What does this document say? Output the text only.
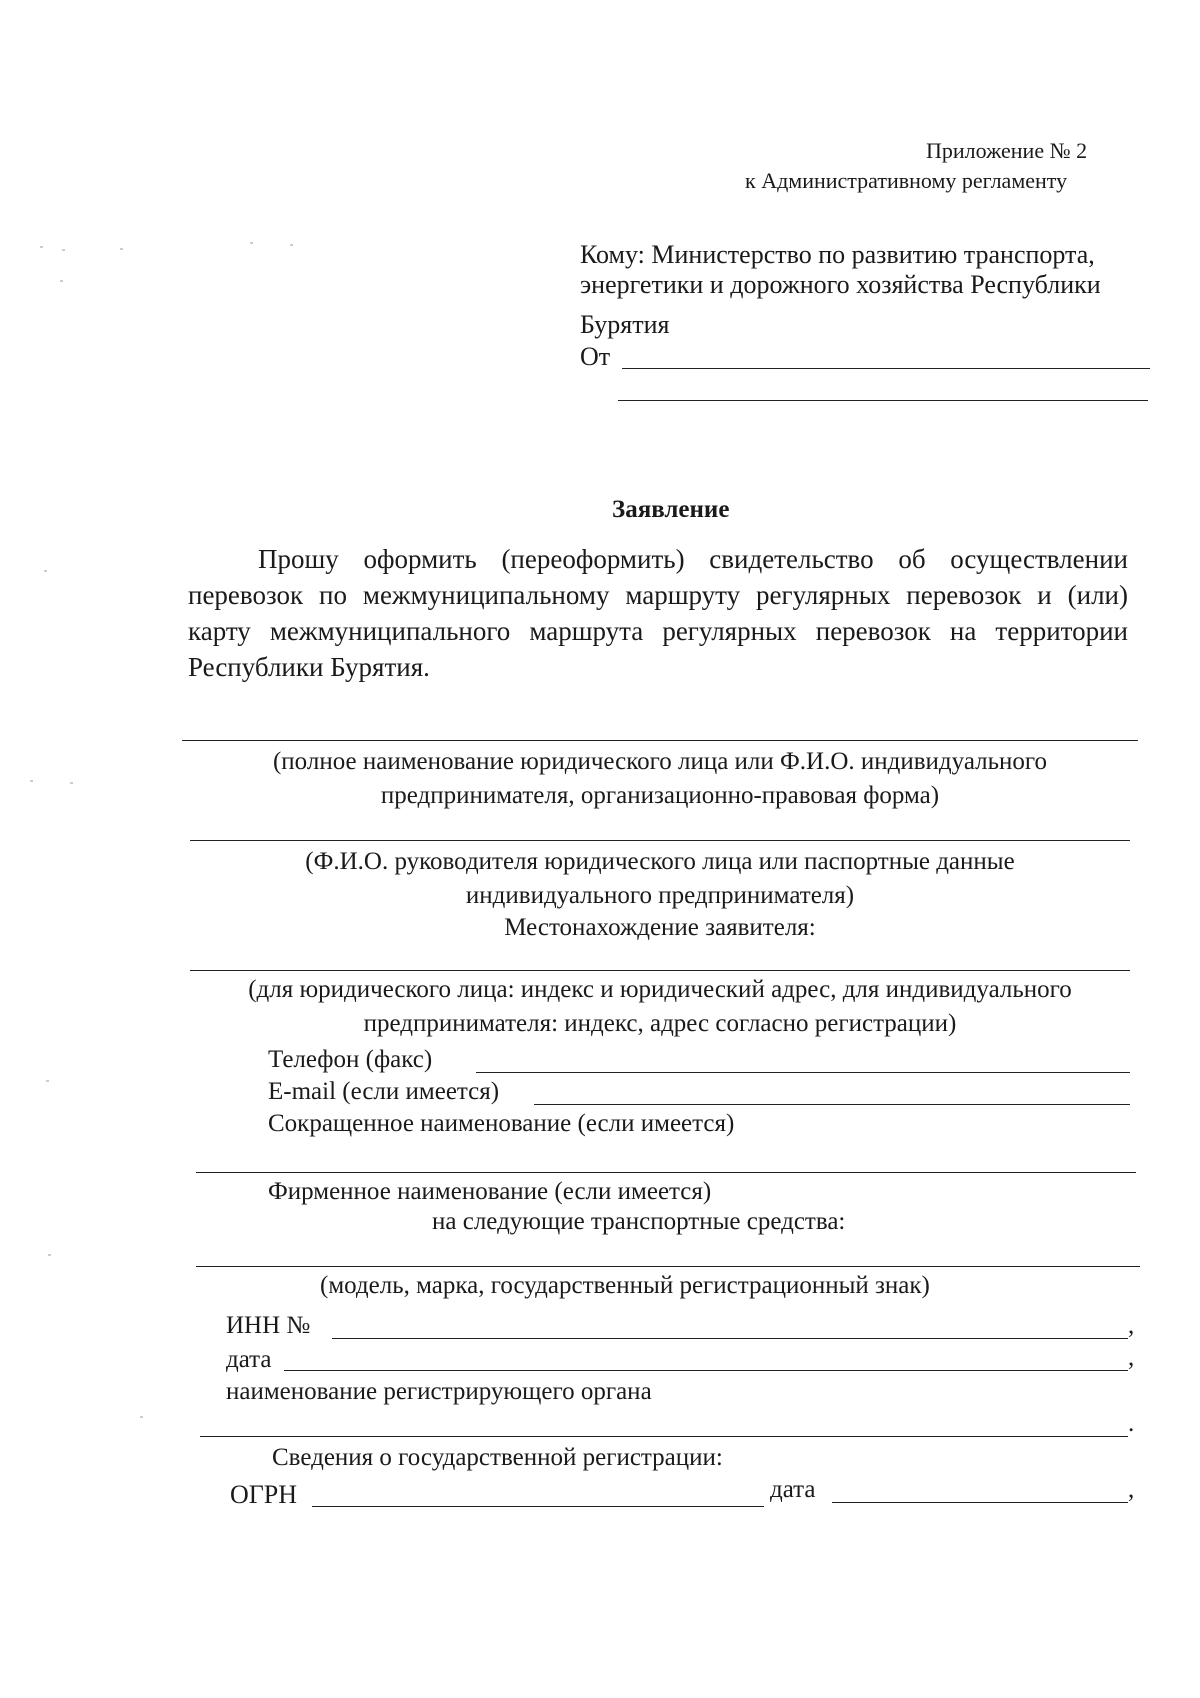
Приложение № 2
к Административному регламенту
Кому: Министерство по развитию транспорта,
энергетики и дорожного хозяйства Республики
Бурятия
От
Заявление
Прошу оформить (переоформить) свидетельство об осуществлении
перевозок по межмуниципальному маршруту регулярных перевозок и (или)
карту межмуниципального маршрута регулярных перевозок на территории
Республики Бурятия.
(полное наименование юридического лица или Ф.И.О. индивидуального
предпринимателя, организационно-правовая форма)
(Ф.И.О. руководителя юридического лица или паспортные данные
индивидуального предпринимателя)
Местонахождение заявителя:
(для юридического лица: индекс и юридический адрес, для индивидуального
предпринимателя: индекс, адрес согласно регистрации)
Телефон (факс)
E-mail (если имеется)
Сокращенное наименование (если имеется)
Фирменное наименование (если имеется)
на следующие транспортные средства:
(модель, марка, государственный регистрационный знак)
ИНН №	,
дата	,
наименование регистрирующего органа
.
Сведения о государственной регистрации:
ОГРН	дата	,
